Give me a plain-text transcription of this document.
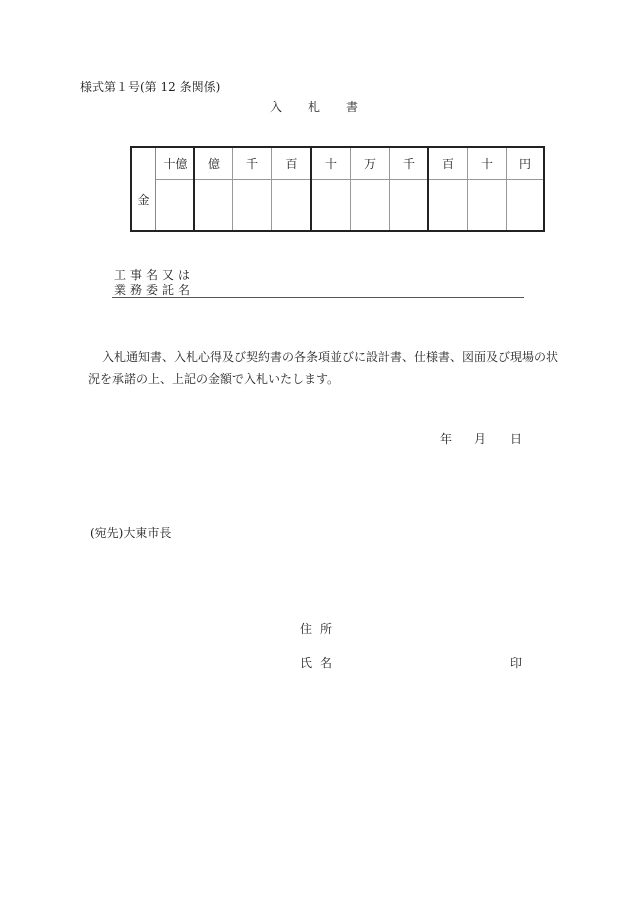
様式第１号(第 12 条関係)
入 札 書
金
十億	億	千	百	十	万	千	百	十	円
工事名又は
業務委託名
入札通知書、入札心得及び契約書の各条項並びに設計書、仕様書、図面及び現場の状況を承諾の上、上記の金額で入札いたします。
年	月	日
(宛先)大東市長
住所
氏名	印
